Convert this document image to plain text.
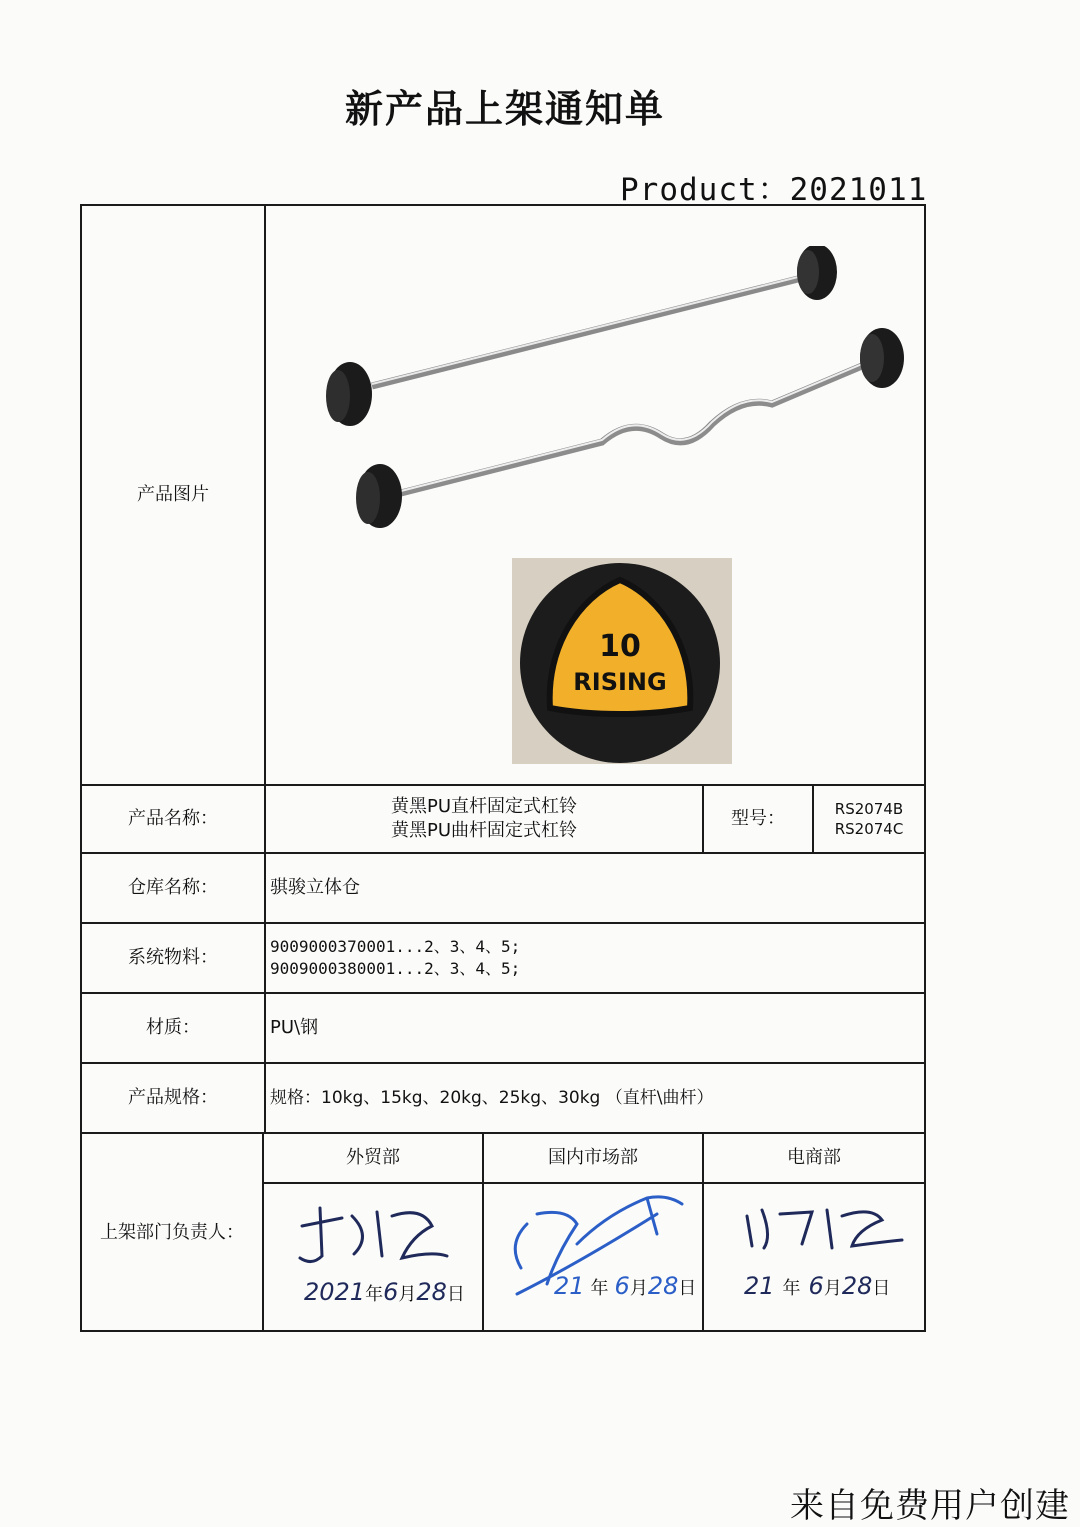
新产品上架通知单
Product：2021011
产品图片
10
RISING
产品名称：
黄黑PU直杆固定式杠铃
黄黑PU曲杆固定式杠铃
型号：	RS2074B
RS2074C
仓库名称：	骐骏立体仓
系统物料：	9009000370001...2、3、4、5;
9009000380001...2、3、4、5;
材质：	PU\钢
产品规格：	规格：10kg、15kg、20kg、25kg、30kg （直杆\曲杆）
上架部门负责人：
外贸部	国内市场部	电商部
2021年6月28日	21 年 6月28日 21 年 6月28日
来自免费用户创建
